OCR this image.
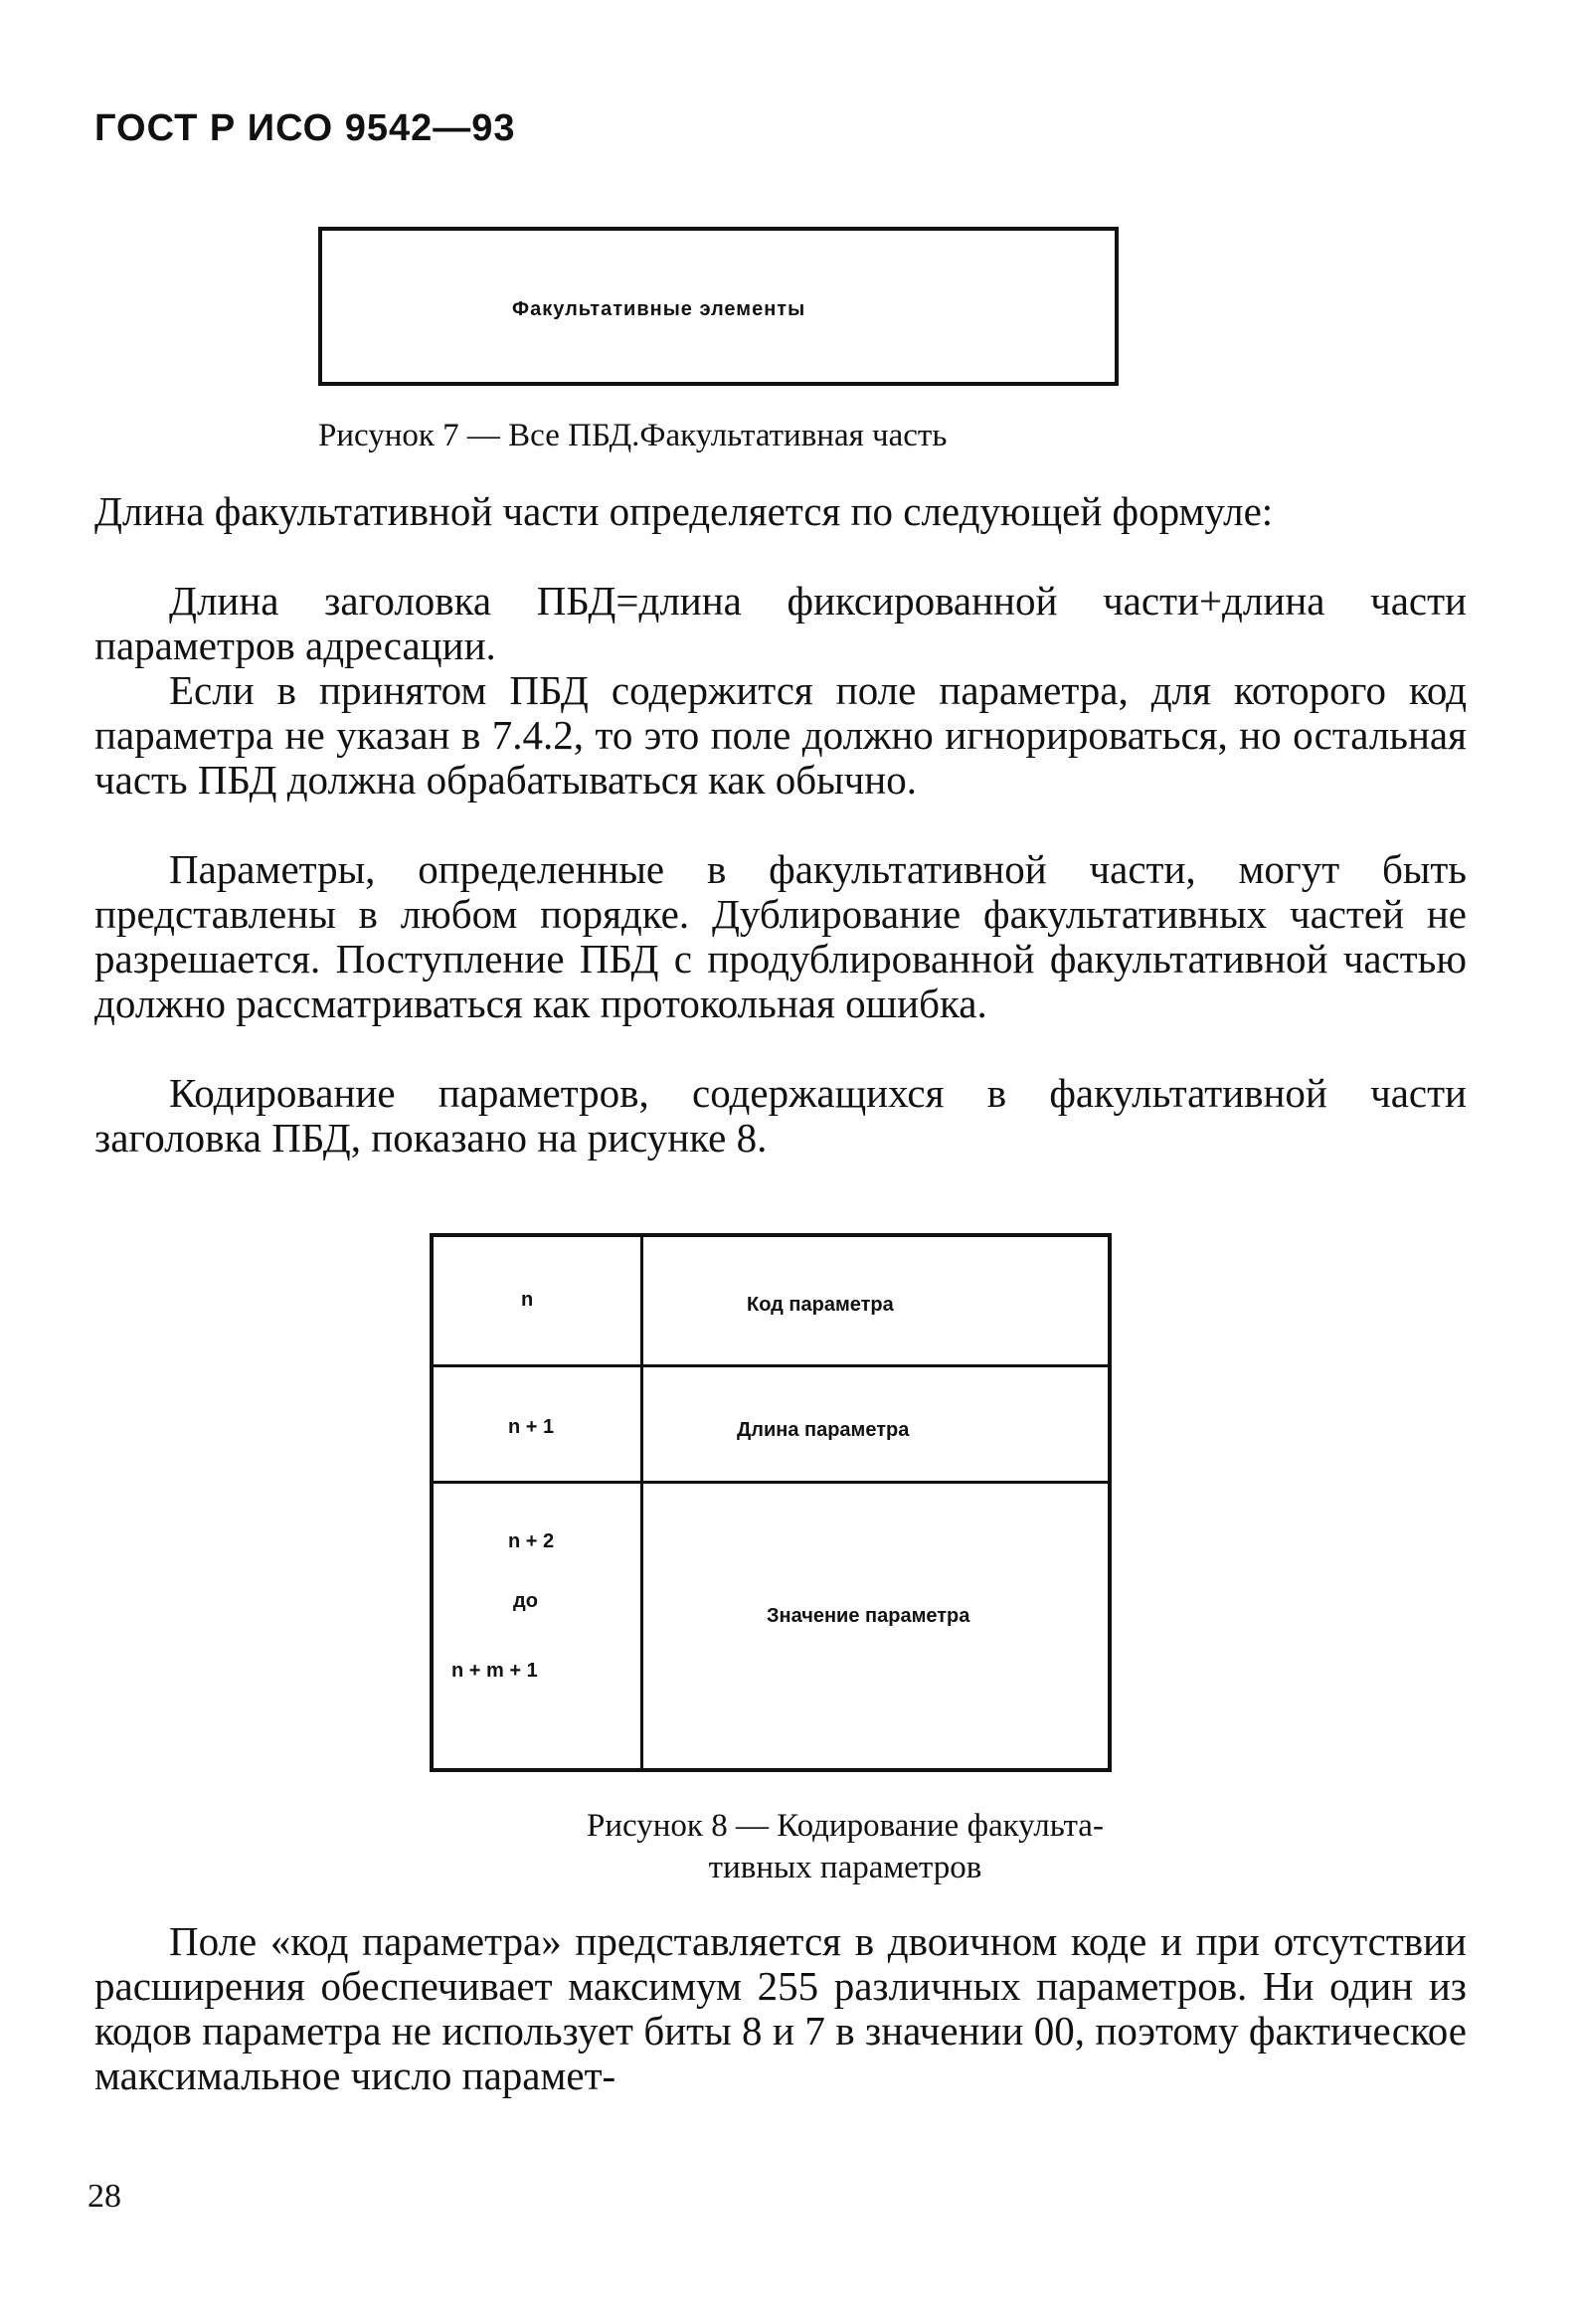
ГОСТ Р ИСО 9542—93
Факультативные элементы
Рисунок 7 — Все ПБД.Факультативная часть

Длина факультативной части определяется по следующей формуле:

Длина заголовка ПБД=длина фиксированной части+длина части параметров адресации.

Если в принятом ПБД содержится поле параметра, для которого код параметра не указан в 7.4.2, то это поле должно игнорироваться, но остальная часть ПБД должна обрабатываться как обычно.

Параметры, определенные в факультативной части, могут быть представлены в любом порядке. Дублирование факультативных частей не разрешается. Поступление ПБД с продублированной факультативной частью должно рассматриваться как протокольная ошибка.

Кодирование параметров, содержащихся в факультативной части заголовка ПБД, показано на рисунке 8.

n	Код параметра
n + 1	Длина параметра
n + 2
до
n + m + 1
Значение параметра
Рисунок 8 — Кодирование факульта-
тивных параметров

Поле «код параметра» представляется в двоичном коде и при отсутствии расширения обеспечивает максимум 255 различных параметров. Ни один из кодов параметра не использует биты 8 и 7 в значении 00, поэтому фактическое максимальное число парамет-

28
